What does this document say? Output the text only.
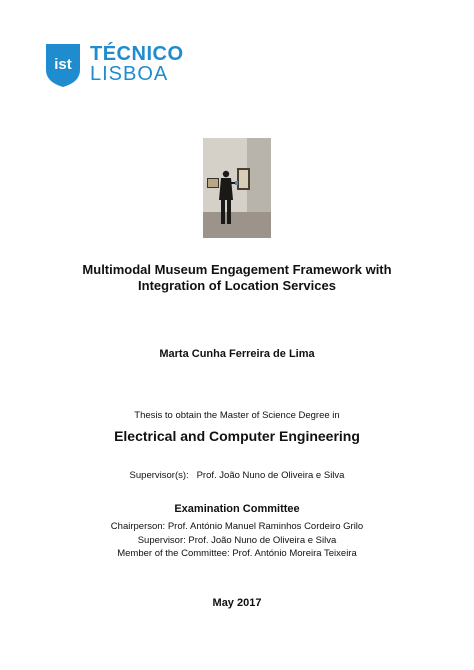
ist TÉCNICO
LISBOA
Multimodal Museum Engagement Framework with
Integration of Location Services
Marta Cunha Ferreira de Lima
Thesis to obtain the Master of Science Degree in
Electrical and Computer Engineering
Supervisor(s):   Prof. João Nuno de Oliveira e Silva
Examination Committee
Chairperson: Prof. António Manuel Raminhos Cordeiro Grilo
Supervisor: Prof. João Nuno de Oliveira e Silva
Member of the Committee: Prof. António Moreira Teixeira
May 2017
